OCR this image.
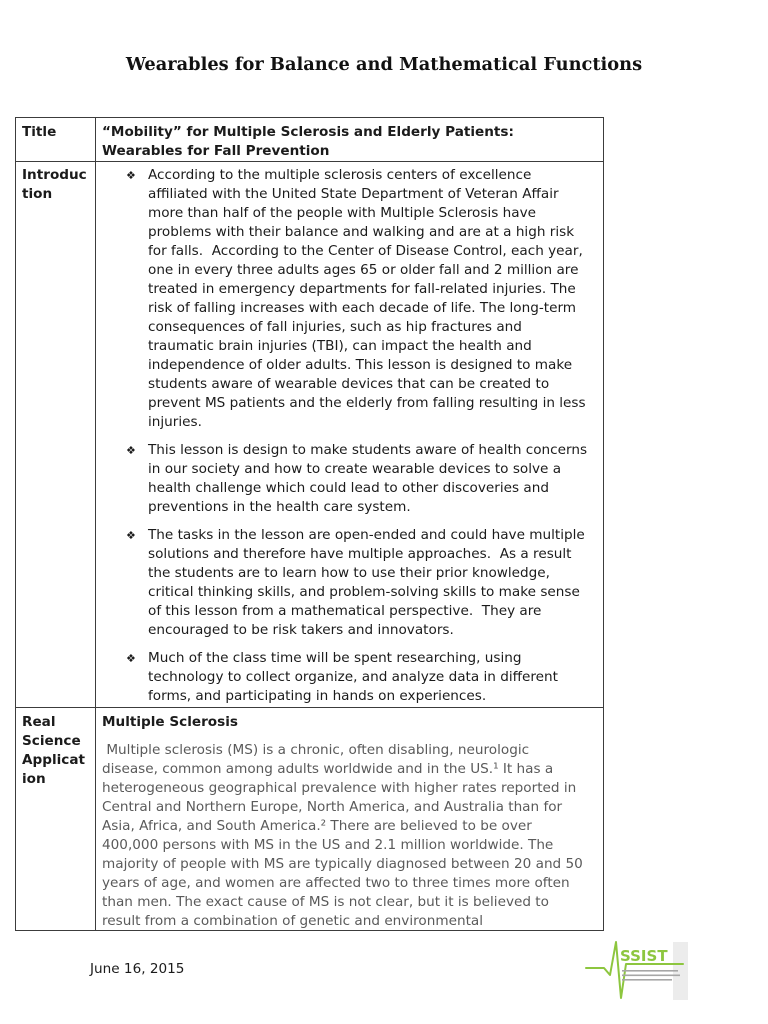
Wearables for Balance and Mathematical Functions
Title	“Mobility” for Multiple Sclerosis and Elderly Patients:
Wearables for Fall Prevention
Introduc
tion
❖ According to the multiple sclerosis centers of excellence
affiliated with the United State Department of Veteran Affair
more than half of the people with Multiple Sclerosis have
problems with their balance and walking and are at a high risk
for falls.  According to the Center of Disease Control, each year,
one in every three adults ages 65 or older fall and 2 million are
treated in emergency departments for fall-related injuries. The
risk of falling increases with each decade of life. The long-term
consequences of fall injuries, such as hip fractures and
traumatic brain injuries (TBI), can impact the health and
independence of older adults. This lesson is designed to make
students aware of wearable devices that can be created to
prevent MS patients and the elderly from falling resulting in less
injuries.
❖ This lesson is design to make students aware of health concerns
in our society and how to create wearable devices to solve a
health challenge which could lead to other discoveries and
preventions in the health care system.
❖ The tasks in the lesson are open-ended and could have multiple
solutions and therefore have multiple approaches.  As a result
the students are to learn how to use their prior knowledge,
critical thinking skills, and problem-solving skills to make sense
of this lesson from a mathematical perspective.  They are
encouraged to be risk takers and innovators.
❖ Much of the class time will be spent researching, using
technology to collect organize, and analyze data in different
forms, and participating in hands on experiences.
Real
Science
Applicat
ion
Multiple Sclerosis
Multiple sclerosis (MS) is a chronic, often disabling, neurologic
disease, common among adults worldwide and in the US.¹ It has a
heterogeneous geographical prevalence with higher rates reported in
Central and Northern Europe, North America, and Australia than for
Asia, Africa, and South America.² There are believed to be over
400,000 persons with MS in the US and 2.1 million worldwide. The
majority of people with MS are typically diagnosed between 20 and 50
years of age, and women are affected two to three times more often
than men. The exact cause of MS is not clear, but it is believed to
result from a combination of genetic and environmental
June 16, 2015
SSIST
